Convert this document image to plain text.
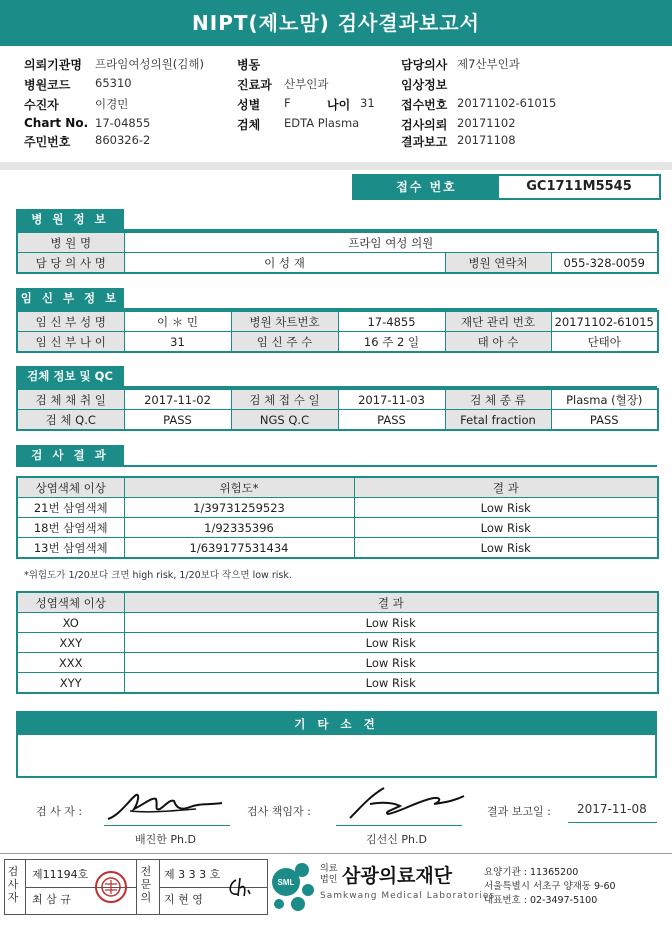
NIPT(제노맘) 검사결과보고서
의뢰기관명 프라임여성의원(김해)
병원코드 65310
수진자	이경민
Chart No. 17-04855
주민번호 860326-2
병동
진료과 산부인과
성별 F	나이 31
검체 EDTA Plasma
담당의사 제7산부인과
임상정보
접수번호 20171102-61015
검사의뢰 20171102
결과보고 20171108
접수 번호	GC1711M5545
병 원 정 보
병 원 명	프라임 여성 의원		
담 당 의 사 명	이 성 재	병원 연락처	055-328-0059
임 신 부 정 보
임 신 부 성 명	이 ＊ 민	병원 차트번호	17-4855	재단 관리 번호	20171102-61015
임 신 부 나 이	31	임 신 주 수	16 주 2 일	태 아 수	단태아
검체 정보 및 QC
검 체 채 취 일	2017-11-02	검 체 접 수 일	2017-11-03	검 체 종 류	Plasma (혈장)
검 체 Q.C	PASS	NGS Q.C	PASS	Fetal fraction	PASS
검 사 결 과
상염색체 이상	위험도*	결 과
21번 삼염색체	1/39731259523	Low Risk
18번 삼염색체	1/92335396	Low Risk
13번 삼염색체	1/639177531434	Low Risk
*위험도가 1/20보다 크면 high risk, 1/20보다 작으면 low risk.
성염색체 이상	결 과
XO	Low Risk
XXY	Low Risk
XXX	Low Risk
XYY	Low Risk
기 타 소 견
검 사 자 :
배진한 Ph.D
검사 책임자 :
김선신 Ph.D
결과 보고일 : 2017-11-08
검
사
자
제11194호
최 삼 규
전
문
의
제 3 3 3 호
지 현 영
SML
의료
법인 삼광의료재단
Samkwang Medical Laboratories
요양기관 : 11365200
서울특별시 서초구 양재동 9-60
대표번호 : 02-3497-5100
